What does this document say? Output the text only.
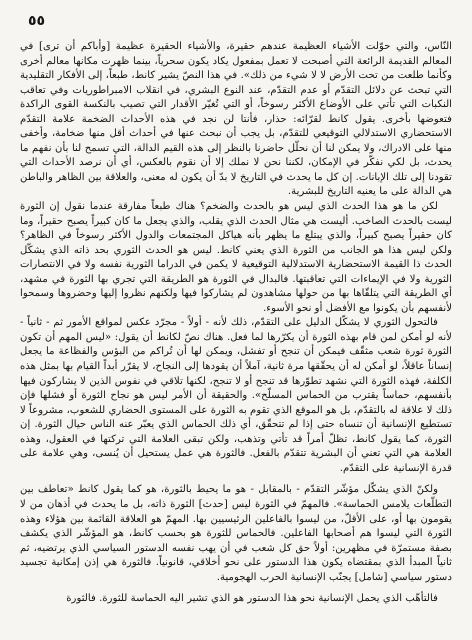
٥٥

النّاس، والتي حوّلت الأشياء العظيمة عندهم حقيرة، والأشياء الحقيرة عظيمة [وأباكم أن ترى] في المعالم القديمة الرائعة التي أصبحت لا تعمل بمفعول يكاد يكون سحرياً، بينما ظهرت مكانها معالم أخرى وكأنما طلعت من تحت الأرض لا لا شيء من ذلك». في هذا النصّ يشير كانط، طبعاً، إلى الأفكار التقليدية التي تبحث عن دلائل التقدّم أو عدم التقدّم، عند النوع البشري، في انقلاب الامبراطوريات وفي تعاقب النكبات التي تأتي على الأوضاع الأكثر رسوخاً، أو التي تُغيّر الأقدار التي تصيب بالنكسة القوى الراكدة فتعوضها بأخرى. يقول كانط لقرّائه: حذار، فأنتا لن نجد في هذه الأحداث الضخمة علامة التقدّم الاستحضاري الاستدلالي التوقيعي للتقدّم، بل يجب أن نبحث عنها في أحداث أقل منها ضخامة، وأخفى منها على الادراك، ولا يمكن لنا أن نحلّل حاضرنا بالنظر إلى هذه القيم الدالة، التي تسمح لنا بأن نفهم ما يحدث، بل لكي نفكّر في الإمكان، لكننا نحن لا نملك إلا أن نقوم بالعكس، أي أن نرصد الأحداث التي تقودنا إلى تلك الإبانات. إن كل ما يحدث في التاريخ لا بدّ أن يكون له معنى، والعلاقة بين الظاهر والباطن هي الدالة على ما يعنيه التاريخ للبشرية.

لكن ما هو هذا الحدث الذي ليس هو بالحدث والضخم؟ هناك طبعاً مفارقة عندما نقول إن الثورة ليست بالحدث الصاخب. أليست هي مثال الحدث الذي يقلب، والذي يجعل ما كان كبيراً يصبح حقيراً، وما كان حقيراً يصبح كبيراً، والذي يبتلع ما يظهر بأنه هياكل المجتمعات والدول الأكثر رسوخاً في الظاهر؟ ولكن ليس هذا هو الجانب من الثورة الذي يعني كانط. ليس هو الحدث الثوري بحد ذاته الذي يشكّل الحدث ذا القيمة الاستحضارية الاستدلالية التوقيعية لا يكمن في الدراما الثورية نفسه ولا في الانتصارات الثورية ولا في الإيماءات التي تعاقبتها. فالبدال في الثورة هو الطريقة التي تجري بها الثورة في مشهد، أي الطريقة التي يتلقّاها بها من حولها مشاهدون لم يشاركوا فيها ولكنهم نظروا إليها وحضروها وسمحوا لأنفسهم بأن يكونوا مع الأفضل أو نحو الأسوء.

فالتحول الثوري لا يشكّل الدليل على التقدّم، ذلك لأنه - أولاً - مجرّد عكس لمواقع الأمور ثم - ثانياً - لأنه لو أمكن لمن قام بهذه الثورة أن يكرّرها لما فعل. هناك نصّ لكانط أن يقول: «ليس المهم أن تكون الثورة ثورة شعب مثقّف فيمكن أن تنجح أو تفشل، ويمكن لها أن تُراكم من البؤس والفظاعة ما يجعل إنساناً عاقلاً، لو أمكن له أن يحقّقها مرة ثانية، آملاً أن يقودها إلى النجاح، لا يقرّر أبداً القيام بها بمثل هذه الكلفة، فهذه الثورة التي نشهد تطوّرها قد تنجح أو لا تنجح، لكنها تلاقي في نفوس الذين لا يشاركون فيها بأنفسهم، حماساً يقترب من الحماس المسلّح». والحقيقة أن الأمر ليس هو نجاح الثورة أو فشلها فإن ذلك لا علاقة له بالتقدّم، بل هو الموقع الذي تقوم به الثورة على المستوى الحضاري للشعوب، مشروعاً لا تستطيع الإنسانية أن تنساه حتى إذا لم تتحقّق، أي ذلك الحماس الذي يعبّر عنه الناس حيال الثورة. إن الثورة، كما يقول كانط، تظلّ أمراً قد تأتي وتذهب، ولكن تبقى العلامة التي تركتها في العقول، وهذه العلامة هي التي تعني أن البشرية تتقدّم بالفعل. فالثورة هي عمل يستحيل أن يُنسى، وهي علامة على قدرة الإنسانية على التقدّم.

ولكنّ الذي يشكّل مؤشّر التقدّم - بالمقابل - هو ما يحيط بالثورة، هو كما يقول كانط «تعاطف بين التطلّعات يلامس الحماسة». فالمهمّ في الثورة ليس [حدث] الثورة ذاته، بل ما يحدث في أذهان من لا يقومون بها أو، على الأقلّ، من ليسوا بالفاعلين الرئيسيين بها. المهمّ هو العلاقة القائمة بين هؤلاء وهذه الثورة التي ليسوا هم أصحابها الفاعلين. فالحماس للثورة هو بحسب كانط، هو المؤشّر الذي يكشف بصفة مستمرّة في مظهرين: أولاً حق كل شعب في أن يهب نفسه الدستور السياسي الذي يرتضيه، ثم ثانياً المبدأ الذي بمقتضاه يكون هذا الدستور على نحو أخلاقي، قانونياً. فالثورة هي إذن إمكانية تجسيد دستور سياسي [شامل] يجنّب الإنسانية الحرب الهجومية.

فالتأهّب الذي يحمل الإنسانية نحو هذا الدستور هو الذي تشير اليه الحماسة للثورة. فالثورة
